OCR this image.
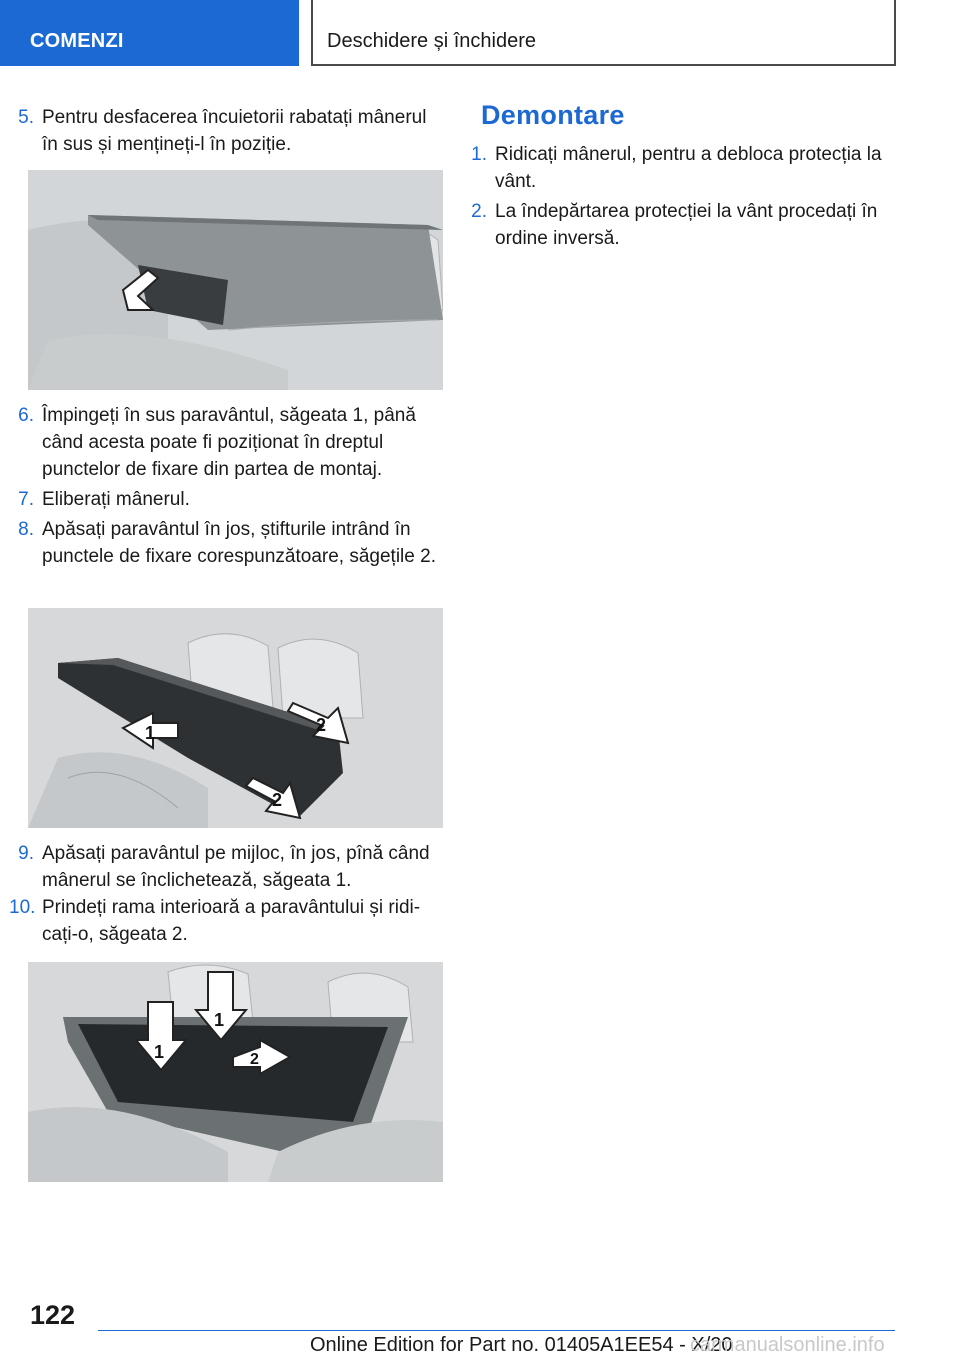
COMENZI	Deschidere și închidere
5. Pentru desfacerea încuietorii rabatați mânerul în sus și mențineți-l în poziție.
6. Împingeți în sus paravântul, săgeata 1, până când acesta poate fi poziționat în dreptul punctelor de fixare din partea de montaj.
7. Eliberați mânerul.
8. Apăsați paravântul în jos, știfturile intrând în punctele de fixare corespunzătoare, săgețile 2.
1	2
2
9. Apăsați paravântul pe mijloc, în jos, pînă când mânerul se înclichetează, săgeata 1.
10. Prindeți rama interioară a paravântului și ridicați-o, săgeata 2.
1
1
2
Demontare
1. Ridicați mânerul, pentru a debloca protecția la vânt.
2. La îndepărtarea protecției la vânt procedați în ordine inversă.
122
Online Edition for Part no. 01405A1EE54 - X/20
carmanualsonline.info
